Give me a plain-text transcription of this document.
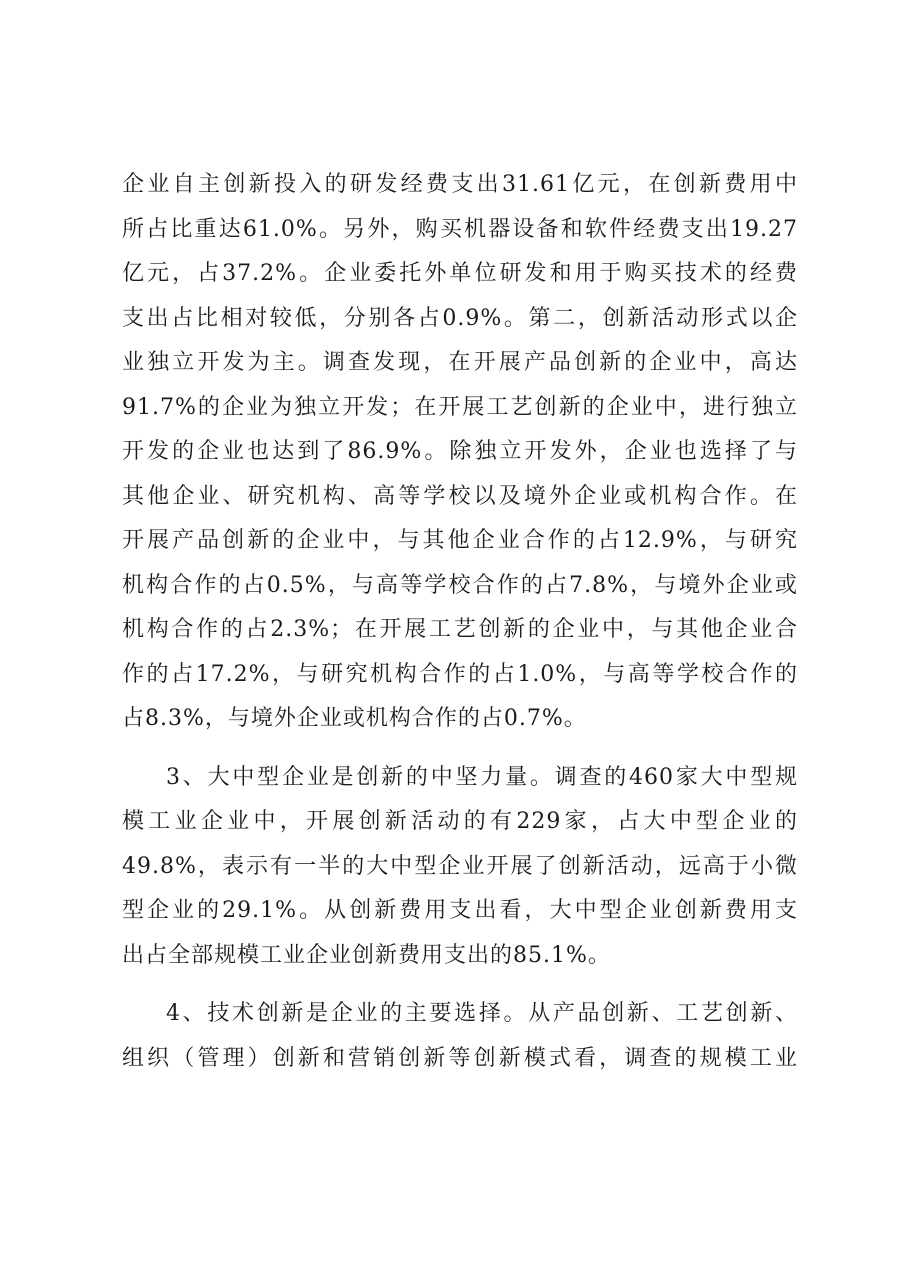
企业自主创新投入的研发经费支出31.61亿元，在创新费用中
所占比重达61.0%。另外，购买机器设备和软件经费支出19.27
亿元，占37.2%。企业委托外单位研发和用于购买技术的经费
支出占比相对较低，分别各占0.9%。第二，创新活动形式以企
业独立开发为主。调查发现，在开展产品创新的企业中，高达
91.7%的企业为独立开发；在开展工艺创新的企业中，进行独立
开发的企业也达到了86.9%。除独立开发外，企业也选择了与
其他企业、研究机构、高等学校以及境外企业或机构合作。在
开展产品创新的企业中，与其他企业合作的占12.9%，与研究
机构合作的占0.5%，与高等学校合作的占7.8%，与境外企业或
机构合作的占2.3%；在开展工艺创新的企业中，与其他企业合
作的占17.2%，与研究机构合作的占1.0%，与高等学校合作的
占8.3%，与境外企业或机构合作的占0.7%。
3、大中型企业是创新的中坚力量。调查的460家大中型规
模工业企业中，开展创新活动的有229家，占大中型企业的
49.8%，表示有一半的大中型企业开展了创新活动，远高于小微
型企业的29.1%。从创新费用支出看，大中型企业创新费用支
出占全部规模工业企业创新费用支出的85.1%。
4、技术创新是企业的主要选择。从产品创新、工艺创新、
组织（管理）创新和营销创新等创新模式看，调查的规模工业
